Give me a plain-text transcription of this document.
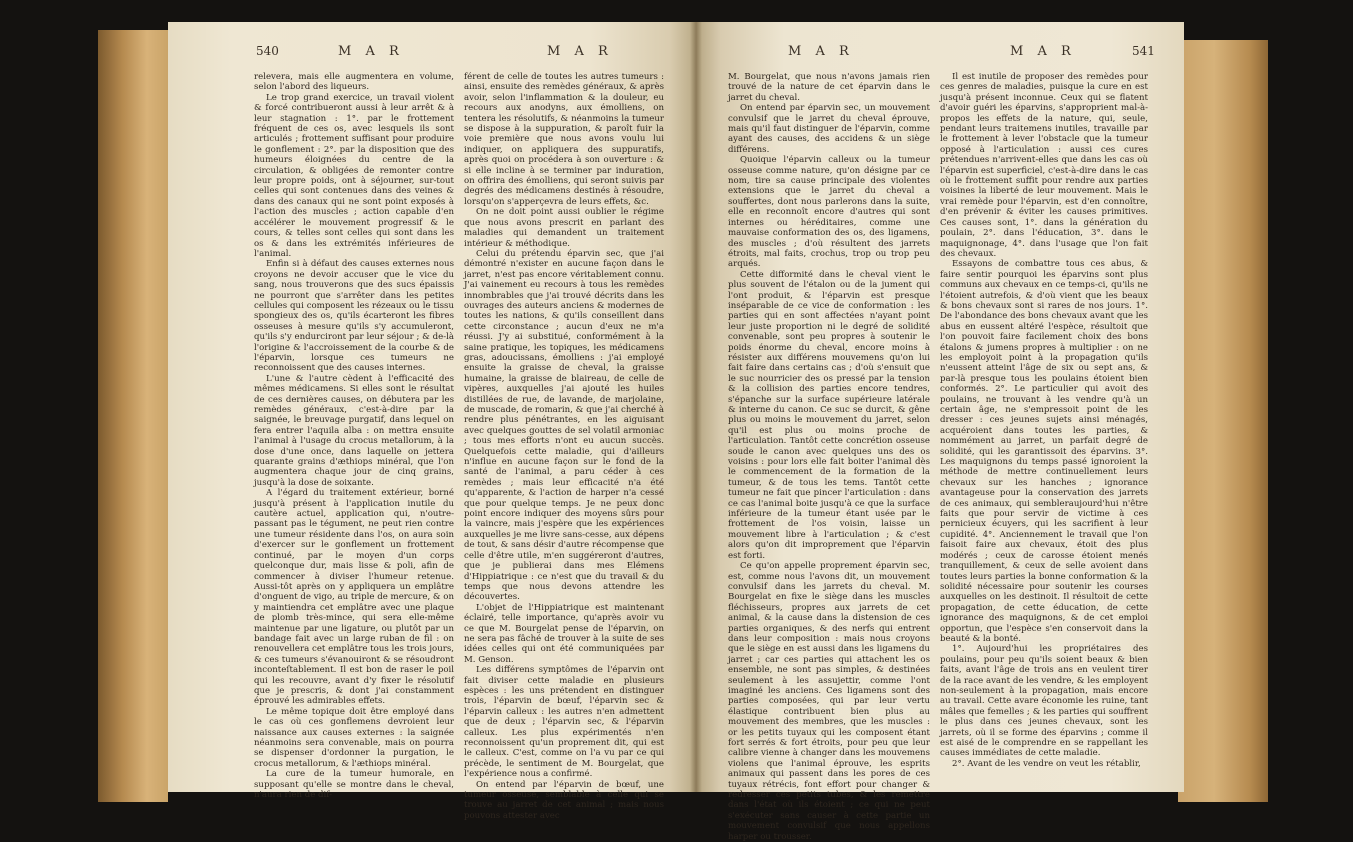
540	M A R	M A R	M A R	M A R	541

relevera, mais elle augmentera en volume, selon l'abord des liqueurs.

Le trop grand exercice, un travail violent & forcé contribueront aussi à leur arrêt & à leur stagnation : 1°. par le frottement fréquent de ces os, avec lesquels ils sont articulés ; frottement suffisant pour produire le gonflement : 2°. par la disposition que des humeurs éloignées du centre de la circulation, & obligées de remonter contre leur propre poids, ont à séjourner, sur-tout celles qui sont contenues dans des veines & dans des canaux qui ne sont point exposés à l'action des muscles ; action capable d'en accélérer le mouvement progressif & le cours, & telles sont celles qui sont dans les os & dans les extrémités inférieures de l'animal.

Enfin si à défaut des causes externes nous croyons ne devoir accuser que le vice du sang, nous trouverons que des sucs épaissis ne pourront que s'arrêter dans les petites cellules qui composent les rézeaux ou le tissu spongieux des os, qu'ils écarteront les fibres osseuses à mesure qu'ils s'y accumuleront, qu'ils s'y endurciront par leur séjour ; & de-là l'origine & l'accroissement de la courbe & de l'éparvin, lorsque ces tumeurs ne reconnoissent que des causes internes.

L'une & l'autre cèdent à l'efficacité des mêmes médicamens. Si elles sont le résultat de ces dernières causes, on débutera par les remèdes généraux, c'est-à-dire par la saignée, le breuvage purgatif, dans lequel on fera entrer l'aquila alba : on mettra ensuite l'animal à l'usage du crocus metallorum, à la dose d'une once, dans laquelle on jettera quarante grains d'æthiops minéral, que l'on augmentera chaque jour de cinq grains, jusqu'à la dose de soixante.

A l'égard du traitement extérieur, borné jusqu'à présent à l'application inutile du cautère actuel, application qui, n'outre-passant pas le tégument, ne peut rien contre une tumeur résidente dans l'os, on aura soin d'exercer sur le gonflement un frottement continué, par le moyen d'un corps quelconque dur, mais lisse & poli, afin de commencer à diviser l'humeur retenue. Aussi-tôt après on y appliquera un emplâtre d'onguent de vigo, au triple de mercure, & on y maintiendra cet emplâtre avec une plaque de plomb très-mince, qui sera elle-même maintenue par une ligature, ou plutôt par un bandage fait avec un large ruban de fil : on renouvellera cet emplâtre tous les trois jours, & ces tumeurs s'évanouiront & se résoudront inconteſtablement. Il est bon de raser le poil qui les recouvre, avant d'y fixer le résolutif que je prescris, & dont j'ai constamment éprouvé les admirables effets.

Le même topique doit être employé dans le cas où ces gonflemens devroient leur naissance aux causes externes : la saignée néanmoins sera convenable, mais on pourra se dispenser d'ordonner la purgation, le crocus metallorum, & l'æthiops minéral.

La cure de la tumeur humorale, en supposant qu'elle se montre dans le cheval, n'aura rien de dif-

férent de celle de toutes les autres tumeurs : ainsi, ensuite des remèdes généraux, & après avoir, selon l'inflammation & la douleur, eu recours aux anodyns, aux émolliens, on tentera les résolutifs, & néanmoins la tumeur se dispose à la suppuration, & paroît fuir la voie première que nous avons voulu lui indiquer, on appliquera des suppuratifs, après quoi on procédera à son ouverture : & si elle incline à se terminer par induration, on offrira des émolliens, qui seront suivis par degrés des médicamens destinés à résoudre, lorsqu'on s'apperçevra de leurs effets, &c.

On ne doit point aussi oublier le régime que nous avons prescrit en parlant des maladies qui demandent un traitement intérieur & méthodique.

Celui du prétendu éparvin sec, que j'ai démontré n'exister en aucune façon dans le jarret, n'est pas encore véritablement connu. J'ai vainement eu recours à tous les remèdes innombrables que j'ai trouvé décrits dans les ouvrages des auteurs anciens & modernes de toutes les nations, & qu'ils conseillent dans cette circonstance ; aucun d'eux ne m'a réussi. J'y ai substitué, conformément à la saine pratique, les topiques, les médicamens gras, adoucissans, émolliens : j'ai employé ensuite la graisse de cheval, la graisse humaine, la graisse de blaireau, de celle de vipères, auxquelles j'ai ajouté les huiles distillées de rue, de lavande, de marjolaine, de muscade, de romarin, & que j'ai cherché à rendre plus pénétrantes, en les aiguisant avec quelques gouttes de sel volatil armoniac ; tous mes efforts n'ont eu aucun succès. Quelquefois cette maladie, qui d'ailleurs n'influe en aucune façon sur le fond de la santé de l'animal, a paru céder à ces remèdes ; mais leur efficacité n'a été qu'apparente, & l'action de harper n'a cessé que pour quelque temps. Je ne peux donc point encore indiquer des moyens sûrs pour la vaincre, mais j'espère que les expériences auxquelles je me livre sans-cesse, aux dépens de tout, & sans désir d'autre récompense que celle d'être utile, m'en suggéreront d'autres, que je publierai dans mes Elémens d'Hippiatrique : ce n'est que du travail & du temps que nous devons attendre les découvertes.

L'objet de l'Hippiatrique est maintenant éclairé, telle importance, qu'après avoir vu ce que M. Bourgelat pense de l'éparvin, on ne sera pas fâché de trouver à la suite de ses idées celles qui ont été communiquées par M. Genson.

Les différens symptômes de l'éparvin ont fait diviser cette maladie en plusieurs espèces : les uns prétendent en distinguer trois, l'éparvin de bœuf, l'éparvin sec & l'éparvin calleux : les autres n'en admettent que de deux ; l'éparvin sec, & l'éparvin calleux. Les plus expérimentés n'en reconnoissent qu'un proprement dit, qui est le calleux. C'est, comme on l'a vu par ce qui précède, le sentiment de M. Bourgelat, que l'expérience nous a confirmé.

On entend par l'éparvin de bœuf, une tumeur osseuse, semblable à celle qui se trouve au jarret de cet animal ; mais nous pouvons attester avec

M. Bourgelat, que nous n'avons jamais rien trouvé de la nature de cet éparvin dans le jarret du cheval.

On entend par éparvin sec, un mouvement convulsif que le jarret du cheval éprouve, mais qu'il faut distinguer de l'éparvin, comme ayant des causes, des accidens & un siège différens.

Quoique l'éparvin calleux ou la tumeur osseuse comme nature, qu'on désigne par ce nom, tire sa cause principale des violentes extensions que le jarret du cheval a souffertes, dont nous parlerons dans la suite, elle en reconnoît encore d'autres qui sont internes ou héréditaires, comme une mauvaise conformation des os, des ligamens, des muscles ; d'où résultent des jarrets étroits, mal faits, crochus, trop ou trop peu arqués.

Cette difformité dans le cheval vient le plus souvent de l'étalon ou de la jument qui l'ont produit, & l'éparvin est presque inséparable de ce vice de conformation : les parties qui en sont affectées n'ayant point leur juste proportion ni le degré de solidité convenable, sont peu propres à soutenir le poids énorme du cheval, encore moins à résister aux différens mouvemens qu'on lui fait faire dans certains cas ; d'où s'ensuit que le suc nourricier des os pressé par la tension & la collision des parties encore tendres, s'épanche sur la surface supérieure latérale & interne du canon. Ce suc se durcit, & gêne plus ou moins le mouvement du jarret, selon qu'il est plus ou moins proche de l'articulation. Tantôt cette concrétion osseuse soude le canon avec quelques uns des os voisins : pour lors elle fait boiter l'animal dès le commencement de la formation de la tumeur, & de tous les tems. Tantôt cette tumeur ne fait que pincer l'articulation : dans ce cas l'animal boite jusqu'à ce que la surface inférieure de la tumeur étant usée par le frottement de l'os voisin, laisse un mouvement libre à l'articulation ; & c'est alors qu'on dit improprement que l'éparvin est forti.

Ce qu'on appelle proprement éparvin sec, est, comme nous l'avons dit, un mouvement convulsif dans les jarrets du cheval. M. Bourgelat en fixe le siège dans les muscles fléchisseurs, propres aux jarrets de cet animal, & la cause dans la distension de ces parties organiques, & des nerfs qui entrent dans leur composition : mais nous croyons que le siège en est aussi dans les ligamens du jarret ; car ces parties qui attachent les os ensemble, ne sont pas simples, & destinées seulement à les assujettir, comme l'ont imaginé les anciens. Ces ligamens sont des parties composées, qui par leur vertu élastique contribuent bien plus au mouvement des membres, que les muscles : or les petits tuyaux qui les composent étant fort serrés & fort étroits, pour peu que leur calibre vienne à changer dans les mouvemens violens que l'animal éprouve, les esprits animaux qui passent dans les pores de ces tuyaux rétrécis, font effort pour changer & redresser ces petits tubes, & les remettre dans l'état où ils étoient ; ce qui ne peut s'exécuter sans causer à cette partie un mouvement convulsif que nous appellons harper ou trousser.

Il est inutile de proposer des remèdes pour ces genres de maladies, puisque la cure en est jusqu'à présent inconnue. Ceux qui se flatent d'avoir guéri les éparvins, s'approprient mal-à-propos les effets de la nature, qui, seule, pendant leurs traitemens inutiles, travaille par le frottement à lever l'obstacle que la tumeur opposé à l'articulation : aussi ces cures prétendues n'arrivent-elles que dans les cas où l'éparvin est superficiel, c'est-à-dire dans le cas où le frottement suffit pour rendre aux parties voisines la liberté de leur mouvement. Mais le vrai remède pour l'éparvin, est d'en connoître, d'en prévenir & éviter les causes primitives. Ces causes sont, 1°. dans la génération du poulain, 2°. dans l'éducation, 3°. dans le maquignonage, 4°. dans l'usage que l'on fait des chevaux.

Essayons de combattre tous ces abus, & faire sentir pourquoi les éparvins sont plus communs aux chevaux en ce temps-ci, qu'ils ne l'étoient autrefois, & d'où vient que les beaux & bons chevaux sont si rares de nos jours. 1°. De l'abondance des bons chevaux avant que les abus en eussent altéré l'espèce, résultoit que l'on pouvoit faire facilement choix des bons étalons & jumens propres à multiplier : on ne les employoit point à la propagation qu'ils n'eussent atteint l'âge de six ou sept ans, & par-là presque tous les poulains étoient bien conformés. 2°. Le particulier qui avoit des poulains, ne trouvant à les vendre qu'à un certain âge, ne s'empressoit point de les dresser : ces jeunes sujets ainsi ménagés, acquéroient dans toutes les parties, & nommément au jarret, un parfait degré de solidité, qui les garantissoit des éparvins. 3°. Les maquignons du temps passé ignoroient la méthode de mettre continuellement leurs chevaux sur les hanches ; ignorance avantageuse pour la conservation des jarrets de ces animaux, qui sembleraujourd'hui n'être faits que pour servir de victime à ces pernicieux écuyers, qui les sacrifient à leur cupidité. 4°. Anciennement le travail que l'on faisoit faire aux chevaux, étoit des plus modérés ; ceux de carosse étoient menés tranquillement, & ceux de selle avoient dans toutes leurs parties la bonne conformation & la solidité nécessaire pour soutenir les courses auxquelles on les destinoit. Il résultoit de cette propagation, de cette éducation, de cette ignorance des maquignons, & de cet emploi opportun, que l'espèce s'en conservoit dans la beauté & la bonté.

1°. Aujourd'hui les propriétaires des poulains, pour peu qu'ils soient beaux & bien faits, avant l'âge de trois ans en veulent tirer de la race avant de les vendre, & les employent non-seulement à la propagation, mais encore au travail. Cette avare économie les ruine, tant mâles que femelles ; & les parties qui souffrent le plus dans ces jeunes chevaux, sont les jarrets, où il se forme des éparvins ; comme il est aisé de le comprendre en se rappellant les causes immédiates de cette maladie.

2°. Avant de les vendre on veut les rétablir,
